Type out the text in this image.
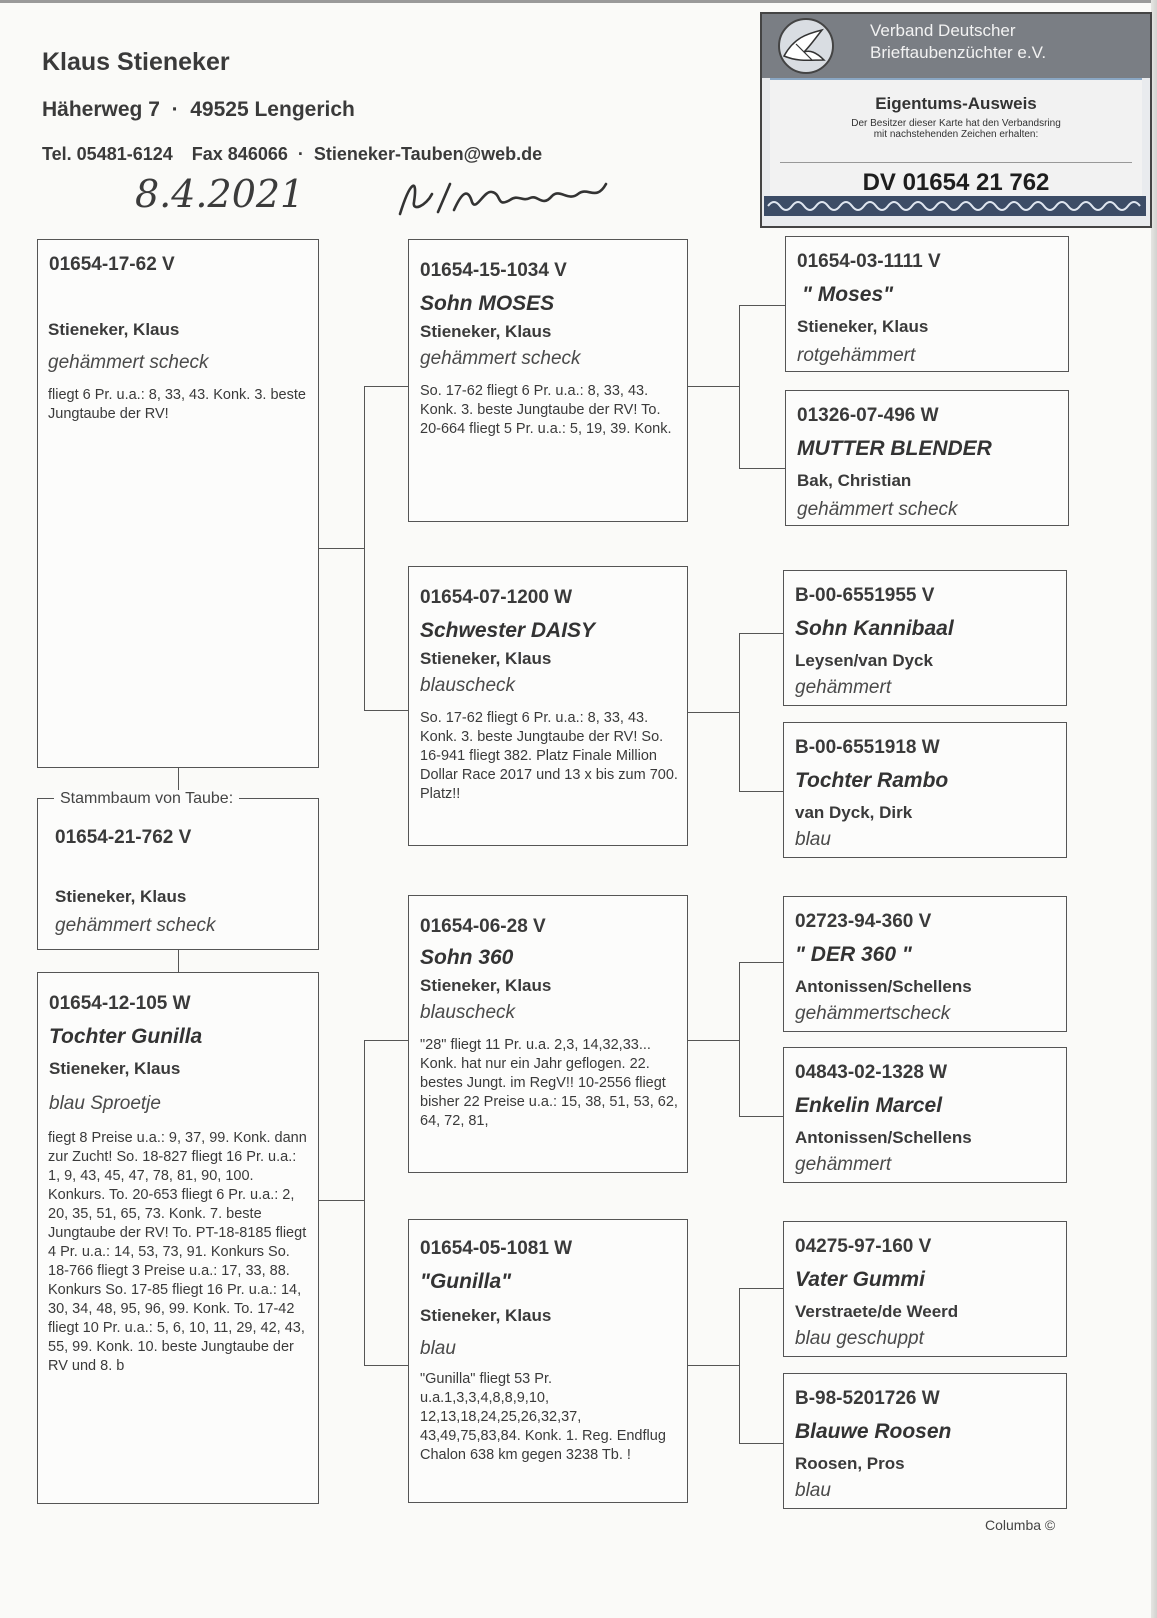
Klaus Stieneker
Häherweg 7  ·  49525 Lengerich
Tel. 05481-6124 Fax 846066  ·  Stieneker-Tauben@web.de
8.4.2021
Verband Deutscher
Brieftaubenzüchter e.V.
Eigentums-Ausweis
Der Besitzer dieser Karte hat den Verbandsring
mit nachstehenden Zeichen erhalten:
DV 01654 21 762
01654-17-62 V
Stieneker, Klaus
gehämmert scheck
fliegt 6 Pr. u.a.: 8, 33, 43. Konk. 3. beste Jungtaube der RV!
01654-21-762 V
Stieneker, Klaus
gehämmert scheck
Stammbaum von Taube:
01654-12-105 W
Tochter Gunilla
Stieneker, Klaus
blau Sproetje
fiegt 8 Preise u.a.: 9, 37, 99. Konk. dann zur Zucht! So. 18-827 fliegt 16 Pr. u.a.: 1, 9, 43, 45, 47, 78, 81, 90, 100. Konkurs. To. 20-653 fliegt 6 Pr. u.a.: 2, 20, 35, 51, 65, 73. Konk. 7. beste Jungtaube der RV! To. PT-18-8185 fliegt 4 Pr. u.a.: 14, 53, 73, 91. Konkurs So. 18-766 fliegt 3 Preise u.a.: 17, 33, 88. Konkurs So. 17-85 fliegt 16 Pr. u.a.: 14, 30, 34, 48, 95, 96, 99. Konk. To. 17-42 fliegt 10 Pr. u.a.: 5, 6, 10, 11, 29, 42, 43, 55, 99. Konk. 10. beste Jungtaube der RV und 8. b
01654-15-1034 V
Sohn MOSES
Stieneker, Klaus
gehämmert scheck
So. 17-62 fliegt 6 Pr. u.a.: 8, 33, 43. Konk. 3. beste Jungtaube der RV! To. 20-664 fliegt 5 Pr. u.a.: 5, 19, 39. Konk.
01654-07-1200 W
Schwester DAISY
Stieneker, Klaus
blauscheck
So. 17-62 fliegt 6 Pr. u.a.: 8, 33, 43. Konk. 3. beste Jungtaube der RV! So. 16-941 fliegt 382. Platz Finale Million Dollar Race 2017 und 13 x bis zum 700. Platz!!
01654-06-28 V
Sohn 360
Stieneker, Klaus
blauscheck
"28" fliegt 11 Pr. u.a. 2,3, 14,32,33... Konk. hat nur ein Jahr geflogen. 22. bestes Jungt. im RegV!! 10-2556 fliegt bisher 22 Preise u.a.: 15, 38, 51, 53, 62, 64, 72, 81,
01654-05-1081 W
"Gunilla"
Stieneker, Klaus
blau
"Gunilla" fliegt 53 Pr. u.a.1,3,3,4,8,8,9,10, 12,13,18,24,25,26,32,37, 43,49,75,83,84. Konk. 1. Reg. Endflug Chalon 638 km gegen 3238 Tb. !
01654-03-1111 V
" Moses"
Stieneker, Klaus
rotgehämmert
01326-07-496 W
MUTTER BLENDER
Bak, Christian
gehämmert scheck
B-00-6551955 V
Sohn Kannibaal
Leysen/van Dyck
gehämmert
B-00-6551918 W
Tochter Rambo
van Dyck, Dirk
blau
02723-94-360 V
" DER 360 "
Antonissen/Schellens
gehämmertscheck
04843-02-1328 W
Enkelin Marcel
Antonissen/Schellens
gehämmert
04275-97-160 V
Vater Gummi
Verstraete/de Weerd
blau geschuppt
B-98-5201726 W
Blauwe Roosen
Roosen, Pros
blau
Columba ©
